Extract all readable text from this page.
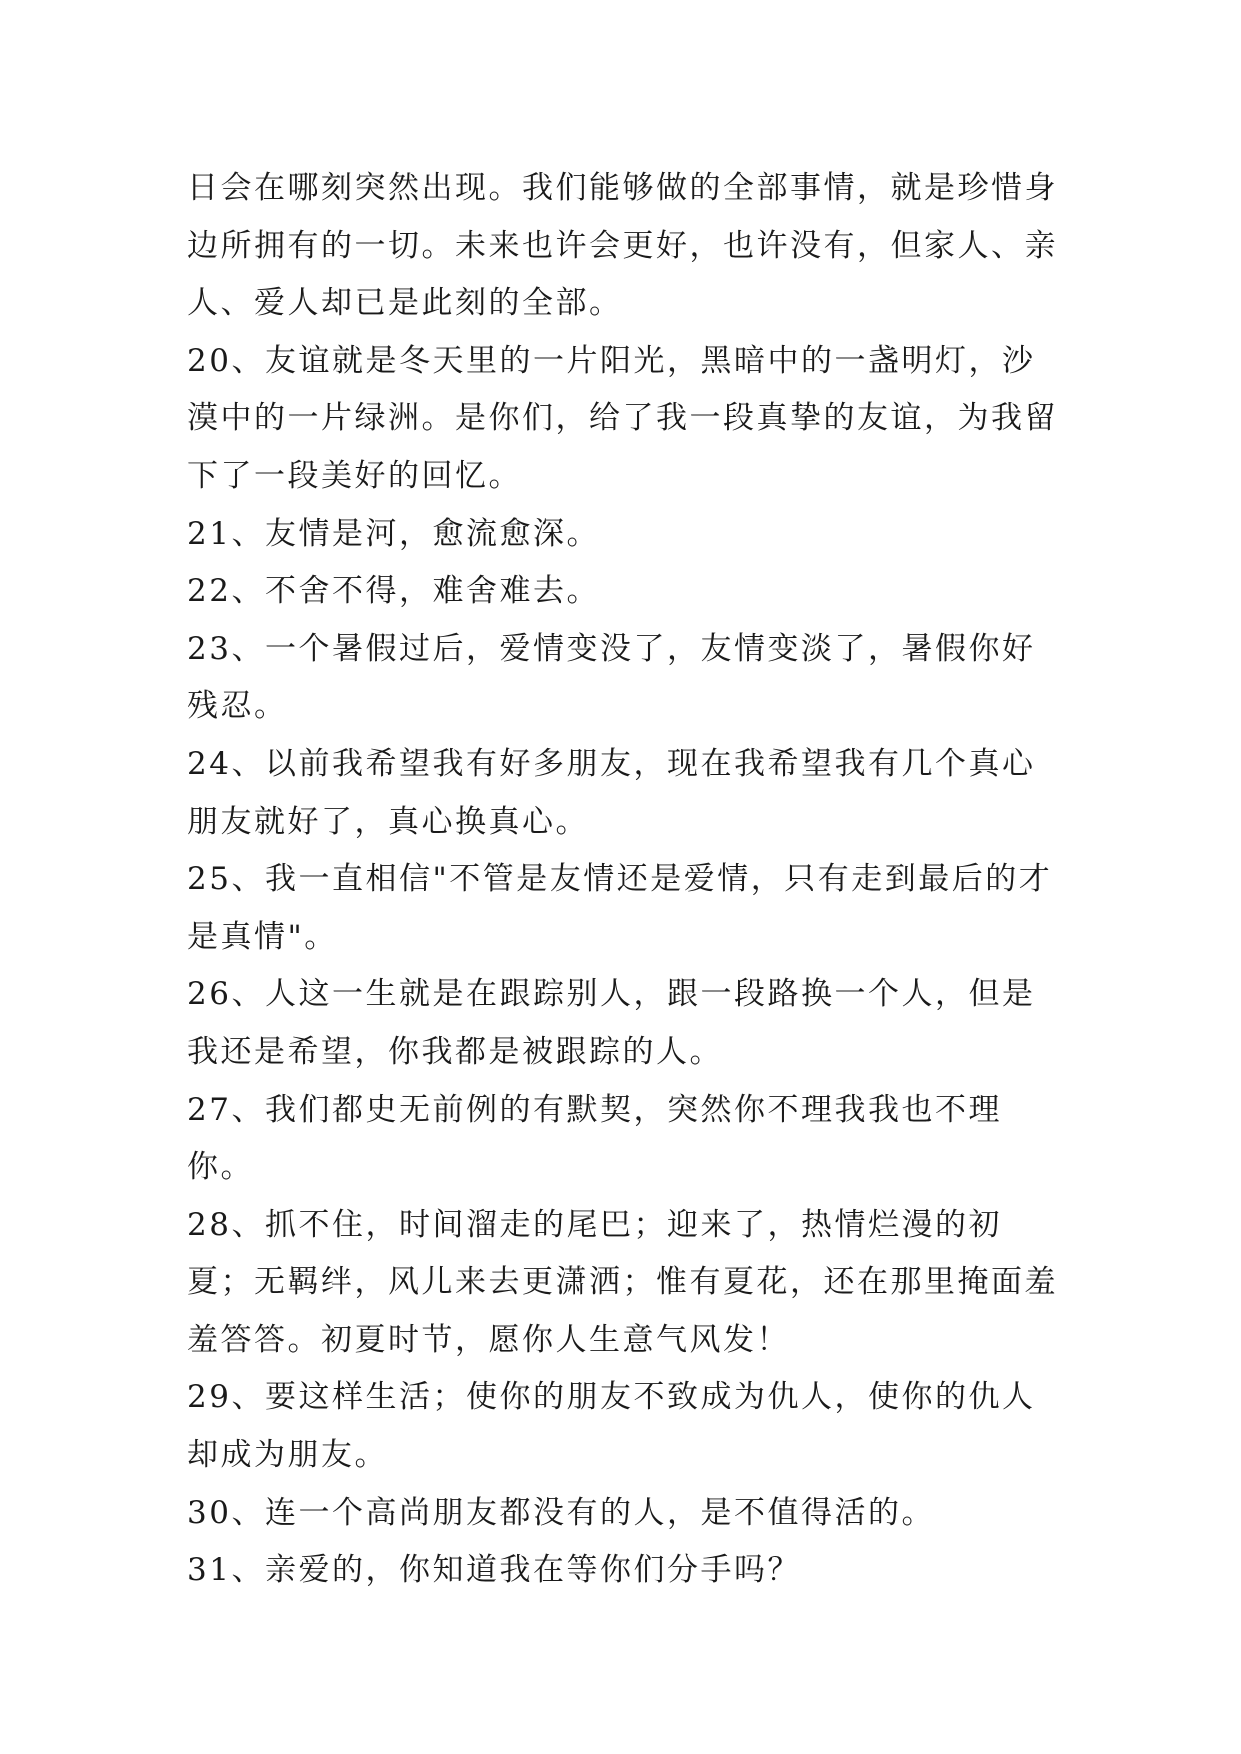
日会在哪刻突然出现。我们能够做的全部事情，就是珍惜身边所拥有的一切。未来也许会更好，也许没有，但家人、亲人、爱人却已是此刻的全部。

20、友谊就是冬天里的一片阳光，黑暗中的一盏明灯，沙漠中的一片绿洲。是你们，给了我一段真挚的友谊，为我留下了一段美好的回忆。

21、友情是河，愈流愈深。

22、不舍不得，难舍难去。

23、一个暑假过后，爱情变没了，友情变淡了，暑假你好残忍。

24、以前我希望我有好多朋友，现在我希望我有几个真心朋友就好了，真心换真心。

25、我一直相信"不管是友情还是爱情，只有走到最后的才是真情"。

26、人这一生就是在跟踪别人，跟一段路换一个人，但是我还是希望，你我都是被跟踪的人。

27、我们都史无前例的有默契，突然你不理我我也不理你。

28、抓不住，时间溜走的尾巴；迎来了，热情烂漫的初夏；无羁绊，风儿来去更潇洒；惟有夏花，还在那里掩面羞羞答答。初夏时节，愿你人生意气风发！

29、要这样生活；使你的朋友不致成为仇人，使你的仇人却成为朋友。

30、连一个高尚朋友都没有的人，是不值得活的。

31、亲爱的，你知道我在等你们分手吗？
